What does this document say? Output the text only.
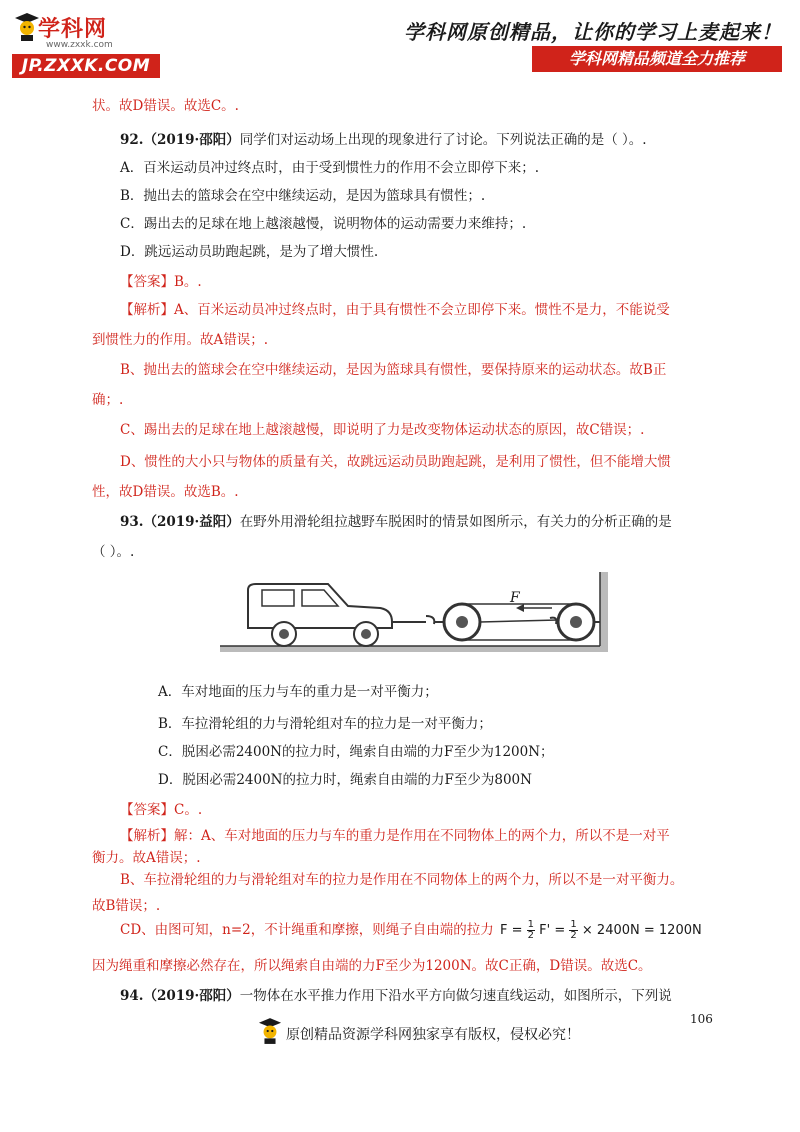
学科网
www.zxxk.com
JP.ZXXK.COM
学科网原创精品，让你的学习上麦起来！
学科网精品频道全力推荐
状。故D错误。故选C。.
92.（2019·邵阳）同学们对运动场上出现的现象进行了讨论。下列说法正确的是（ ）。.
A．百米运动员冲过终点时，由于受到惯性力的作用不会立即停下来；.
B．抛出去的篮球会在空中继续运动，是因为篮球具有惯性；.
C．踢出去的足球在地上越滚越慢，说明物体的运动需要力来维持；.
D．跳远运动员助跑起跳，是为了增大惯性.
【答案】B。.
【解析】A、百米运动员冲过终点时，由于具有惯性不会立即停下来。惯性不是力，不能说受
到惯性力的作用。故A错误；.
B、抛出去的篮球会在空中继续运动，是因为篮球具有惯性，要保持原来的运动状态。故B正
确；.
C、踢出去的足球在地上越滚越慢，即说明了力是改变物体运动状态的原因，故C错误；.
D、惯性的大小只与物体的质量有关，故跳远运动员助跑起跳，是利用了惯性，但不能增大惯
性，故D错误。故选B。.
93.（2019·益阳）在野外用滑轮组拉越野车脱困时的情景如图所示，有关力的分析正确的是
（ ）。.
A．车对地面的压力与车的重力是一对平衡力；
B．车拉滑轮组的力与滑轮组对车的拉力是一对平衡力；
C．脱困必需2400N的拉力时，绳索自由端的力F至少为1200N；
D．脱困必需2400N的拉力时，绳索自由端的力F至少为800N
【答案】C。.
【解析】解：A、车对地面的压力与车的重力是作用在不同物体上的两个力，所以不是一对平
衡力。故A错误；.
B、车拉滑轮组的力与滑轮组对车的拉力是作用在不同物体上的两个力，所以不是一对平衡力。
故B错误；.
CD、由图可知，n=2，不计绳重和摩擦，则绳子自由端的拉力
因为绳重和摩擦必然存在，所以绳索自由端的力F至少为1200N。故C正确，D错误。故选C。
94.（2019·邵阳）一物体在水平推力作用下沿水平方向做匀速直线运动，如图所示，下列说
$F = \frac{1}{2} F' = \frac{1}{2} \times 2400N = 1200N$
F
106
原创精品资源学科网独家享有版权，侵权必究！
